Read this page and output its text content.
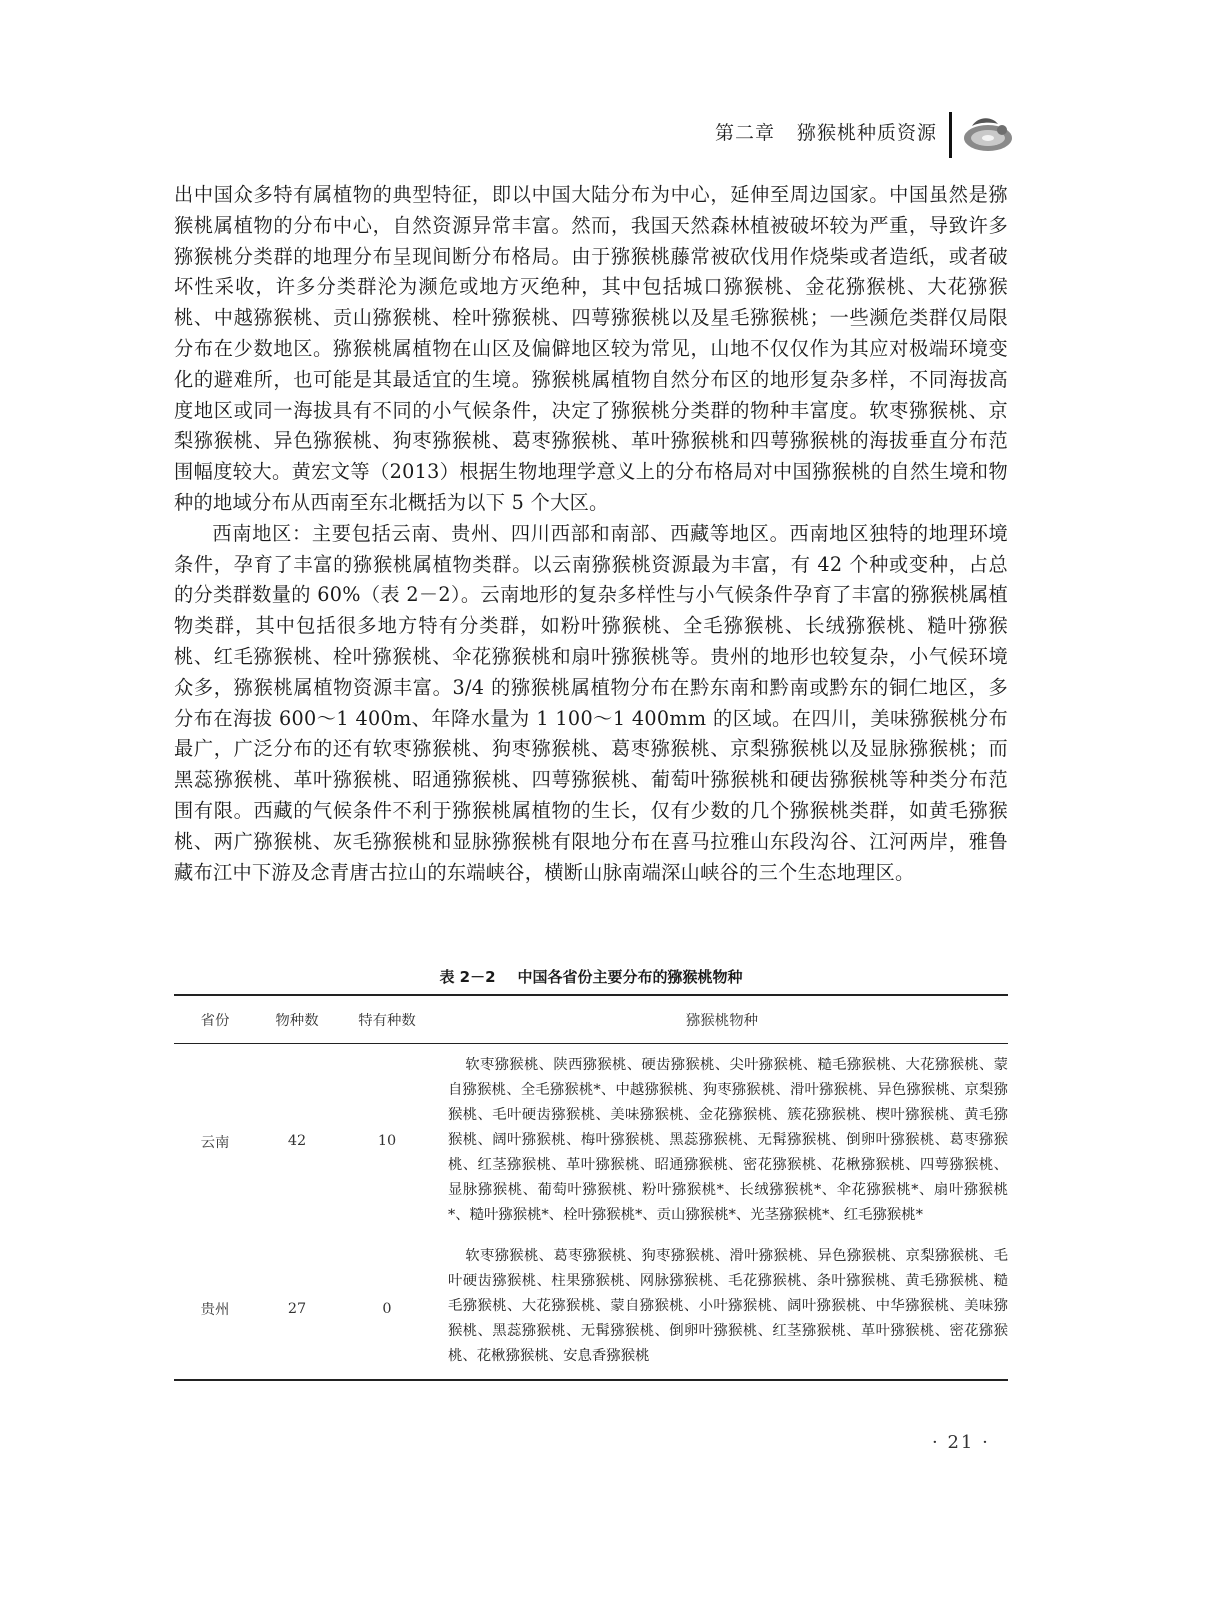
第二章 猕猴桃种质资源

出中国众多特有属植物的典型特征，即以中国大陆分布为中心，延伸至周边国家。中国虽然是猕猴桃属植物的分布中心，自然资源异常丰富。然而，我国天然森林植被破坏较为严重，导致许多猕猴桃分类群的地理分布呈现间断分布格局。由于猕猴桃藤常被砍伐用作烧柴或者造纸，或者破坏性采收，许多分类群沦为濒危或地方灭绝种，其中包括城口猕猴桃、金花猕猴桃、大花猕猴桃、中越猕猴桃、贡山猕猴桃、栓叶猕猴桃、四萼猕猴桃以及星毛猕猴桃；一些濒危类群仅局限分布在少数地区。猕猴桃属植物在山区及偏僻地区较为常见，山地不仅仅作为其应对极端环境变化的避难所，也可能是其最适宜的生境。猕猴桃属植物自然分布区的地形复杂多样，不同海拔高度地区或同一海拔具有不同的小气候条件，决定了猕猴桃分类群的物种丰富度。软枣猕猴桃、京梨猕猴桃、异色猕猴桃、狗枣猕猴桃、葛枣猕猴桃、革叶猕猴桃和四萼猕猴桃的海拔垂直分布范围幅度较大。黄宏文等（2013）根据生物地理学意义上的分布格局对中国猕猴桃的自然生境和物种的地域分布从西南至东北概括为以下 5 个大区。

西南地区：主要包括云南、贵州、四川西部和南部、西藏等地区。西南地区独特的地理环境条件，孕育了丰富的猕猴桃属植物类群。以云南猕猴桃资源最为丰富，有 42 个种或变种，占总的分类群数量的 60%（表 2－2）。云南地形的复杂多样性与小气候条件孕育了丰富的猕猴桃属植物类群，其中包括很多地方特有分类群，如粉叶猕猴桃、全毛猕猴桃、长绒猕猴桃、糙叶猕猴桃、红毛猕猴桃、栓叶猕猴桃、伞花猕猴桃和扇叶猕猴桃等。贵州的地形也较复杂，小气候环境众多，猕猴桃属植物资源丰富。3/4 的猕猴桃属植物分布在黔东南和黔南或黔东的铜仁地区，多分布在海拔 600～1 400m、年降水量为 1 100～1 400mm 的区域。在四川，美味猕猴桃分布最广，广泛分布的还有软枣猕猴桃、狗枣猕猴桃、葛枣猕猴桃、京梨猕猴桃以及显脉猕猴桃；而黑蕊猕猴桃、革叶猕猴桃、昭通猕猴桃、四萼猕猴桃、葡萄叶猕猴桃和硬齿猕猴桃等种类分布范围有限。西藏的气候条件不利于猕猴桃属植物的生长，仅有少数的几个猕猴桃类群，如黄毛猕猴桃、两广猕猴桃、灰毛猕猴桃和显脉猕猴桃有限地分布在喜马拉雅山东段沟谷、江河两岸，雅鲁藏布江中下游及念青唐古拉山的东端峡谷，横断山脉南端深山峡谷的三个生态地理区。

表 2－2 中国各省份主要分布的猕猴桃物种
省份	物种数	特有种数	猕猴桃物种
云南	42	10	软枣猕猴桃、陕西猕猴桃、硬齿猕猴桃、尖叶猕猴桃、糙毛猕猴桃、大花猕猴桃、蒙自猕猴桃、全毛猕猴桃*、中越猕猴桃、狗枣猕猴桃、滑叶猕猴桃、异色猕猴桃、京梨猕猴桃、毛叶硬齿猕猴桃、美味猕猴桃、金花猕猴桃、簇花猕猴桃、楔叶猕猴桃、黄毛猕猴桃、阔叶猕猴桃、梅叶猕猴桃、黑蕊猕猴桃、无髯猕猴桃、倒卵叶猕猴桃、葛枣猕猴桃、红茎猕猴桃、革叶猕猴桃、昭通猕猴桃、密花猕猴桃、花楸猕猴桃、四萼猕猴桃、显脉猕猴桃、葡萄叶猕猴桃、粉叶猕猴桃*、长绒猕猴桃*、伞花猕猴桃*、扇叶猕猴桃*、糙叶猕猴桃*、栓叶猕猴桃*、贡山猕猴桃*、光茎猕猴桃*、红毛猕猴桃*

贵州	27	0	软枣猕猴桃、葛枣猕猴桃、狗枣猕猴桃、滑叶猕猴桃、异色猕猴桃、京梨猕猴桃、毛叶硬齿猕猴桃、柱果猕猴桃、网脉猕猴桃、毛花猕猴桃、条叶猕猴桃、黄毛猕猴桃、糙毛猕猴桃、大花猕猴桃、蒙自猕猴桃、小叶猕猴桃、阔叶猕猴桃、中华猕猴桃、美味猕猴桃、黑蕊猕猴桃、无髯猕猴桃、倒卵叶猕猴桃、红茎猕猴桃、革叶猕猴桃、密花猕猴桃、花楸猕猴桃、安息香猕猴桃
· 21 ·
